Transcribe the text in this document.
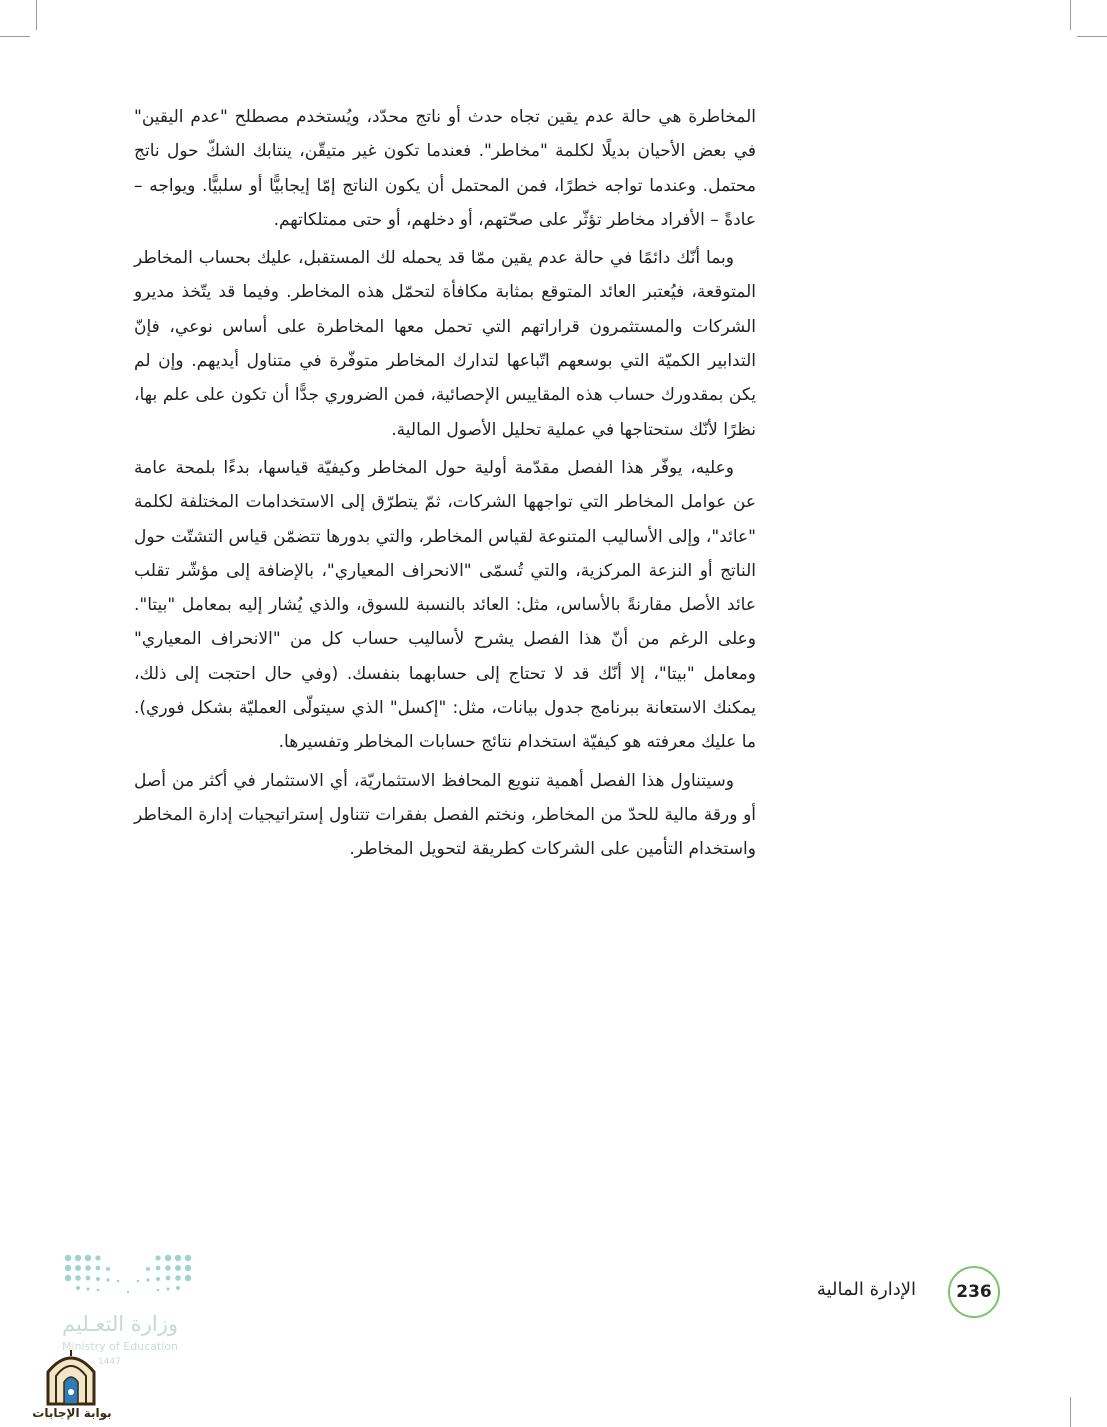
المخاطرة هي حالة عدم يقين تجاه حدث أو ناتج محدّد، ويُستخدم مصطلح "عدم اليقين" في بعض الأحيان بديلًا لكلمة "مخاطر". فعندما تكون غير متيقّن، ينتابك الشكّ حول ناتج محتمل. وعندما تواجه خطرًا، فمن المحتمل أن يكون الناتج إمّا إيجابيًّا أو سلبيًّا. ويواجه – عادةً – الأفراد مخاطر تؤثّر على صحّتهم، أو دخلهم، أو حتى ممتلكاتهم.

وبما أنّك دائمًا في حالة عدم يقين ممّا قد يحمله لك المستقبل، عليك بحساب المخاطر المتوقعة، فيُعتبر العائد المتوقع بمثابة مكافأة لتحمّل هذه المخاطر. وفيما قد يتّخذ مديرو الشركات والمستثمرون قراراتهم التي تحمل معها المخاطرة على أساس نوعي، فإنّ التدابير الكميّة التي بوسعهم اتّباعها لتدارك المخاطر متوفّرة في متناول أيديهم. وإن لم يكن بمقدورك حساب هذه المقاييس الإحصائية، فمن الضروري جدًّا أن تكون على علم بها، نظرًا لأنّك ستحتاجها في عملية تحليل الأصول المالية.

وعليه، يوفّر هذا الفصل مقدّمة أولية حول المخاطر وكيفيّة قياسها، بدءًا بلمحة عامة عن عوامل المخاطر التي تواجهها الشركات، ثمّ يتطرّق إلى الاستخدامات المختلفة لكلمة "عائد"، وإلى الأساليب المتنوعة لقياس المخاطر، والتي بدورها تتضمّن قياس التشتّت حول الناتج أو النزعة المركزية، والتي تُسمّى "الانحراف المعياري"، بالإضافة إلى مؤشّر تقلب عائد الأصل مقارنةً بالأساس، مثل: العائد بالنسبة للسوق، والذي يُشار إليه بمعامل "بيتا". وعلى الرغم من أنّ هذا الفصل يشرح لأساليب حساب كل من "الانحراف المعياري" ومعامل "بيتا"، إلا أنّك قد لا تحتاج إلى حسابهما بنفسك. (وفي حال احتجت إلى ذلك، يمكنك الاستعانة ببرنامج جدول بيانات، مثل: "إكسل" الذي سيتولّى العمليّة بشكل فوري). ما عليك معرفته هو كيفيّة استخدام نتائج حسابات المخاطر وتفسيرها.

وسيتناول هذا الفصل أهمية تنويع المحافظ الاستثماريّة، أي الاستثمار في أكثر من أصل أو ورقة مالية للحدّ من المخاطر، ونختم الفصل بفقرات تتناول إستراتيجيات إدارة المخاطر واستخدام التأمين على الشركات كطريقة لتحويل المخاطر.

236
الإدارة المالية
وزارة التعـليم
Ministry of Education
1447
بوابة الإجابات
